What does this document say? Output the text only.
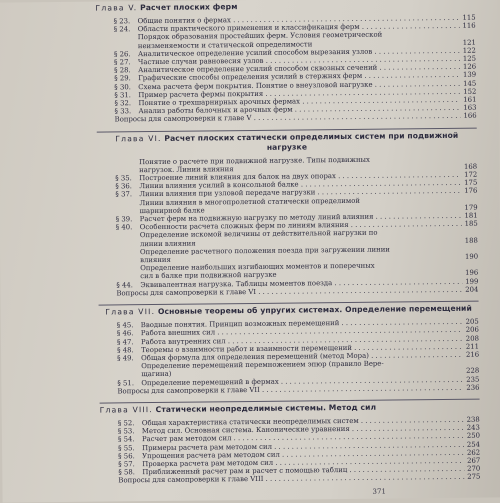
Глава V. Расчет плоских ферм
§ 23.	Общие понятия о фермах . . .	115
§ 24.	Области практического применения и классификация ферм . . .	116
Порядок образования простейших ферм. Условия геометрической
неизменяемости и статической определимости	121
§ 26.	Аналитическое определение усилий способом вырезания узлов . . .	122
§ 27.	Частные случаи равновесия узлов . . .	125
§ 28.	Аналитическое определение усилий способом сквозных сечений . . .	126
§ 29.	Графические способы определения усилий в стержнях ферм . . .	139
§ 30.	Схема расчета ферм покрытия. Понятие о внеузловой нагрузке . . .	145
§ 31.	Пример расчета фермы покрытия . . .	152
§ 32.	Понятие о трехшарнирных арочных фермах . . .	161
§ 33.	Анализ работы балочных и арочных ферм . . .	163
Вопросы для самопроверки к главе V . . .	166
Глава VI. Расчет плоских статически определимых систем при подвижной нагрузке
Понятие о расчете при подвижной нагрузке. Типы подвижных
нагрузок. Линии влияния	168
§ 35.	Построение линий влияния для балок на двух опорах . . .	172
§ 36.	Линии влияния усилий в консольной балке . . .	175
§ 37.	Линии влияния при узловой передаче нагрузки . . .	176
Линии влияния в многопролетной статически определимой
шарнирной балке	179
§ 39.	Расчет ферм на подвижную нагрузку по методу линий влияния . . .	181
§ 40.	Особенности расчета сложных ферм по линиям влияния . . .	185
Определение искомой величины от действительной нагрузки по
линии влияния	188
Определение расчетного положения поезда при загружении линии
влияния	190
Определение наибольших изгибающих моментов и поперечных
сил в балке при подвижной нагрузке	196
§ 44.	Эквивалентная нагрузка. Таблицы моментов поезда . . .	199
Вопросы для самопроверки к главе VI . . .	204
Глава VII. Основные теоремы об упругих системах. Определение перемещений
§ 45.	Вводные понятия. Принцип возможных перемещений . . .	205
§ 46.	Работа внешних сил . . .	206
§ 47.	Работа внутренних сил . . .	208
§ 48.	Теоремы о взаимности работ и взаимности перемещений . . .	211
§ 49.	Общая формула для определения перемещений (метод Мора) . . .	216
Определение перемещений перемножением эпюр (правило Вере-
щагина)	228
§ 51.	Определение перемещений в фермах . . .	235
Вопросы для самопроверки к главе VII . . .	236
Глава VIII. Статически неопределимые системы. Метод сил
§ 52.	Общая характеристика статически неопределимых систем . . .	238
§ 53.	Метод сил. Основная система. Канонические уравнения . . .	243
§ 54.	Расчет рам методом сил . . .	250
§ 55.	Примеры расчета рам методом сил . . .	254
§ 56.	Упрощения расчета рам методом сил . . .	262
§ 57.	Проверка расчета рам методом сил . . .	267
§ 58.	Приближенный расчет рам и расчет с помощью таблиц . . .	270
Вопросы для самопроверки к главе VIII . . .	275
371
